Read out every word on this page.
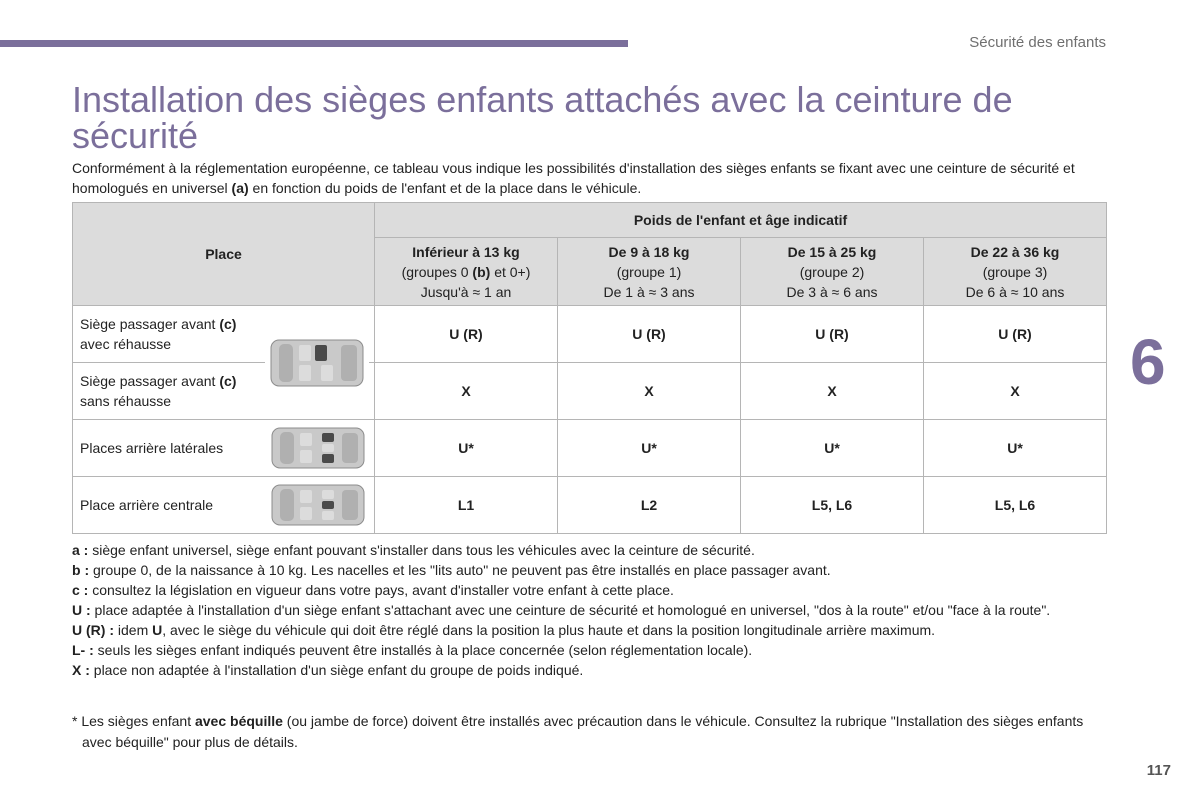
Sécurité des enfants
6
Installation des sièges enfants attachés avec la ceinture de sécurité

Conformément à la réglementation européenne, ce tableau vous indique les possibilités d'installation des sièges enfants se fixant avec une ceinture de sécurité et homologués en universel (a) en fonction du poids de l'enfant et de la place dans le véhicule.

Place	Poids de l'enfant et âge indicatif			

	Inférieur à 13 kg
(groupes 0 (b) et 0+)
Jusqu'à ≈ 1 an	De 9 à 18 kg
(groupe 1)
De 1 à ≈ 3 ans	De 15 à 25 kg
(groupe 2)
De 3 à ≈ 6 ans	De 22 à 36 kg
(groupe 3)
De 6 à ≈ 10 ans

Siège passager avant (c)
avec réhausse	U (R)	U (R)	U (R)	U (R)

Siège passager avant (c)
sans réhausse	X	X	X	X

Places arrière latérales	U*	U*	U*	U*

Place arrière centrale	L1	L2	L5, L6	L5, L6
a : siège enfant universel, siège enfant pouvant s'installer dans tous les véhicules avec la ceinture de sécurité.
b : groupe 0, de la naissance à 10 kg. Les nacelles et les "lits auto" ne peuvent pas être installés en place passager avant.
c : consultez la législation en vigueur dans votre pays, avant d'installer votre enfant à cette place.
U : place adaptée à l'installation d'un siège enfant s'attachant avec une ceinture de sécurité et homologué en universel, "dos à la route" et/ou "face à la route".
U (R) : idem U, avec le siège du véhicule qui doit être réglé dans la position la plus haute et dans la position longitudinale arrière maximum.
L- : seuls les sièges enfant indiqués peuvent être installés à la place concernée (selon réglementation locale).
X : place non adaptée à l'installation d'un siège enfant du groupe de poids indiqué.

* Les sièges enfant avec béquille (ou jambe de force) doivent être installés avec précaution dans le véhicule. Consultez la rubrique "Installation des sièges enfants avec béquille" pour plus de détails.

117
